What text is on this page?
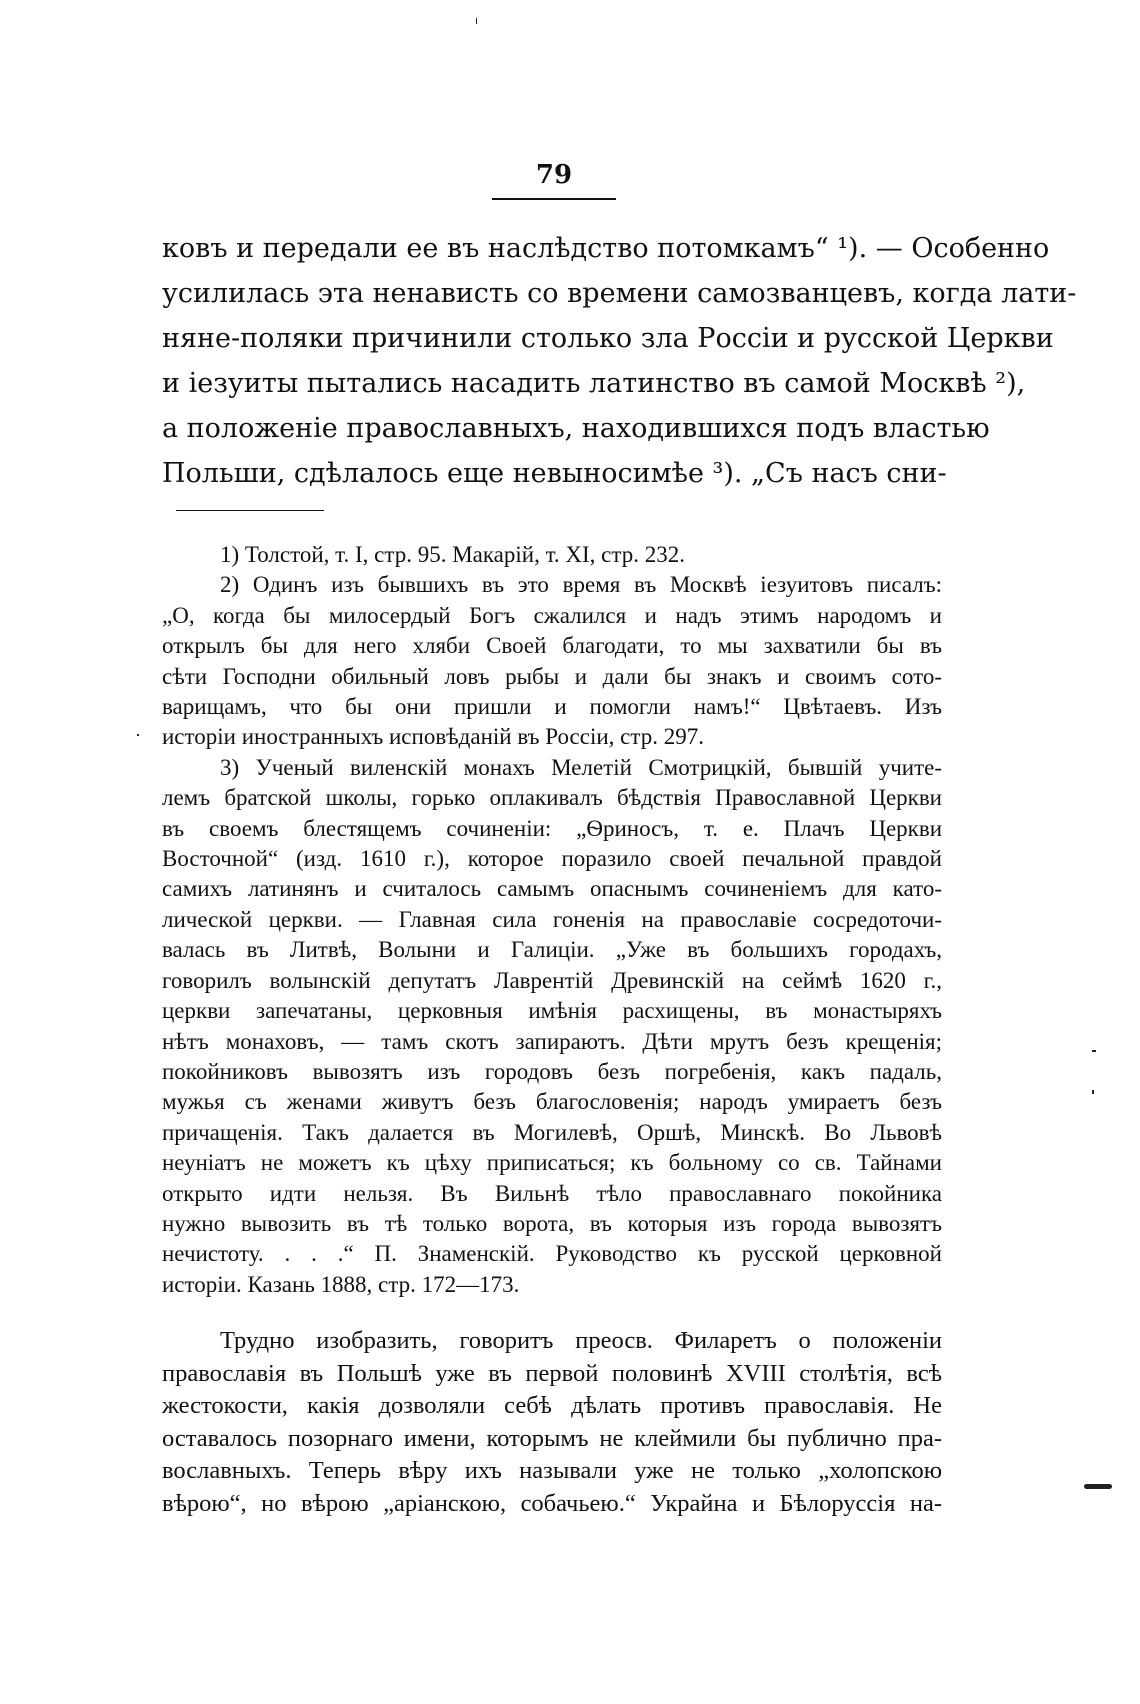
79
ковъ и передали ее въ наслѣдство потомкамъ“ ¹). — Особенно
усилилась эта ненависть со времени самозванцевъ, когда лати-
няне-поляки причинили столько зла Россіи и русской Церкви
и іезуиты пытались насадить латинство въ самой Москвѣ ²),
а положеніе православныхъ, находившихся подъ властью
Польши, сдѣлалось еще невыносимѣе ³). „Съ насъ сни-
1) Толстой, т. I, стр. 95. Макарій, т. XI, стр. 232.
2) Одинъ изъ бывшихъ въ это время въ Москвѣ іезуитовъ писалъ:
„О, когда бы милосердый Богъ сжалился и надъ этимъ народомъ и
открылъ бы для него хляби Своей благодати, то мы захватили бы въ
сѣти Господни обильный ловъ рыбы и дали бы знакъ и своимъ сото-
варищамъ, что бы они пришли и помогли намъ!“ Цвѣтаевъ. Изъ
исторіи иностранныхъ исповѣданій въ Россіи, стр. 297.
3) Ученый виленскій монахъ Мелетій Смотрицкій, бывшій учите-
лемъ братской школы, горько оплакивалъ бѣдствія Православной Церкви
въ своемъ блестящемъ сочиненіи: „Ѳриносъ, т. е. Плачъ Церкви
Восточной“ (изд. 1610 г.), которое поразило своей печальной правдой
самихъ латинянъ и считалось самымъ опаснымъ сочиненіемъ для като-
лической церкви. — Главная сила гоненія на православіе сосредоточи-
валась въ Литвѣ, Волыни и Галиціи. „Уже въ большихъ городахъ,
говорилъ волынскій депутатъ Лаврентій Древинскій на сеймѣ 1620 г.,
церкви запечатаны, церковныя имѣнія расхищены, въ монастыряхъ
нѣтъ монаховъ, — тамъ скотъ запираютъ. Дѣти мрутъ безъ крещенія;
покойниковъ вывозятъ изъ городовъ безъ погребенія, какъ падаль,
мужья съ женами живутъ безъ благословенія; народъ умираетъ безъ
причащенія. Такъ далается въ Могилевѣ, Оршѣ, Минскѣ. Во Львовѣ
неуніатъ не можетъ къ цѣху приписаться; къ больному со св. Тайнами
открыто идти нельзя. Въ Вильнѣ тѣло православнаго покойника
нужно вывозить въ тѣ только ворота, въ которыя изъ города вывозятъ
нечистоту. . . .“ П. Знаменскій. Руководство къ русской церковной
исторіи. Казань 1888, стр. 172—173.
Трудно изобразить, говоритъ преосв. Филаретъ о положеніи
православія въ Польшѣ уже въ первой половинѣ XVIII столѣтія, всѣ
жестокости, какія дозволяли себѣ дѣлать противъ православія. Не
оставалось позорнаго имени, которымъ не клеймили бы публично пра-
вославныхъ. Теперь вѣру ихъ называли уже не только „холопскою
вѣрою“, но вѣрою „аріанскою, собачьею.“ Украйна и Бѣлоруссія на-
